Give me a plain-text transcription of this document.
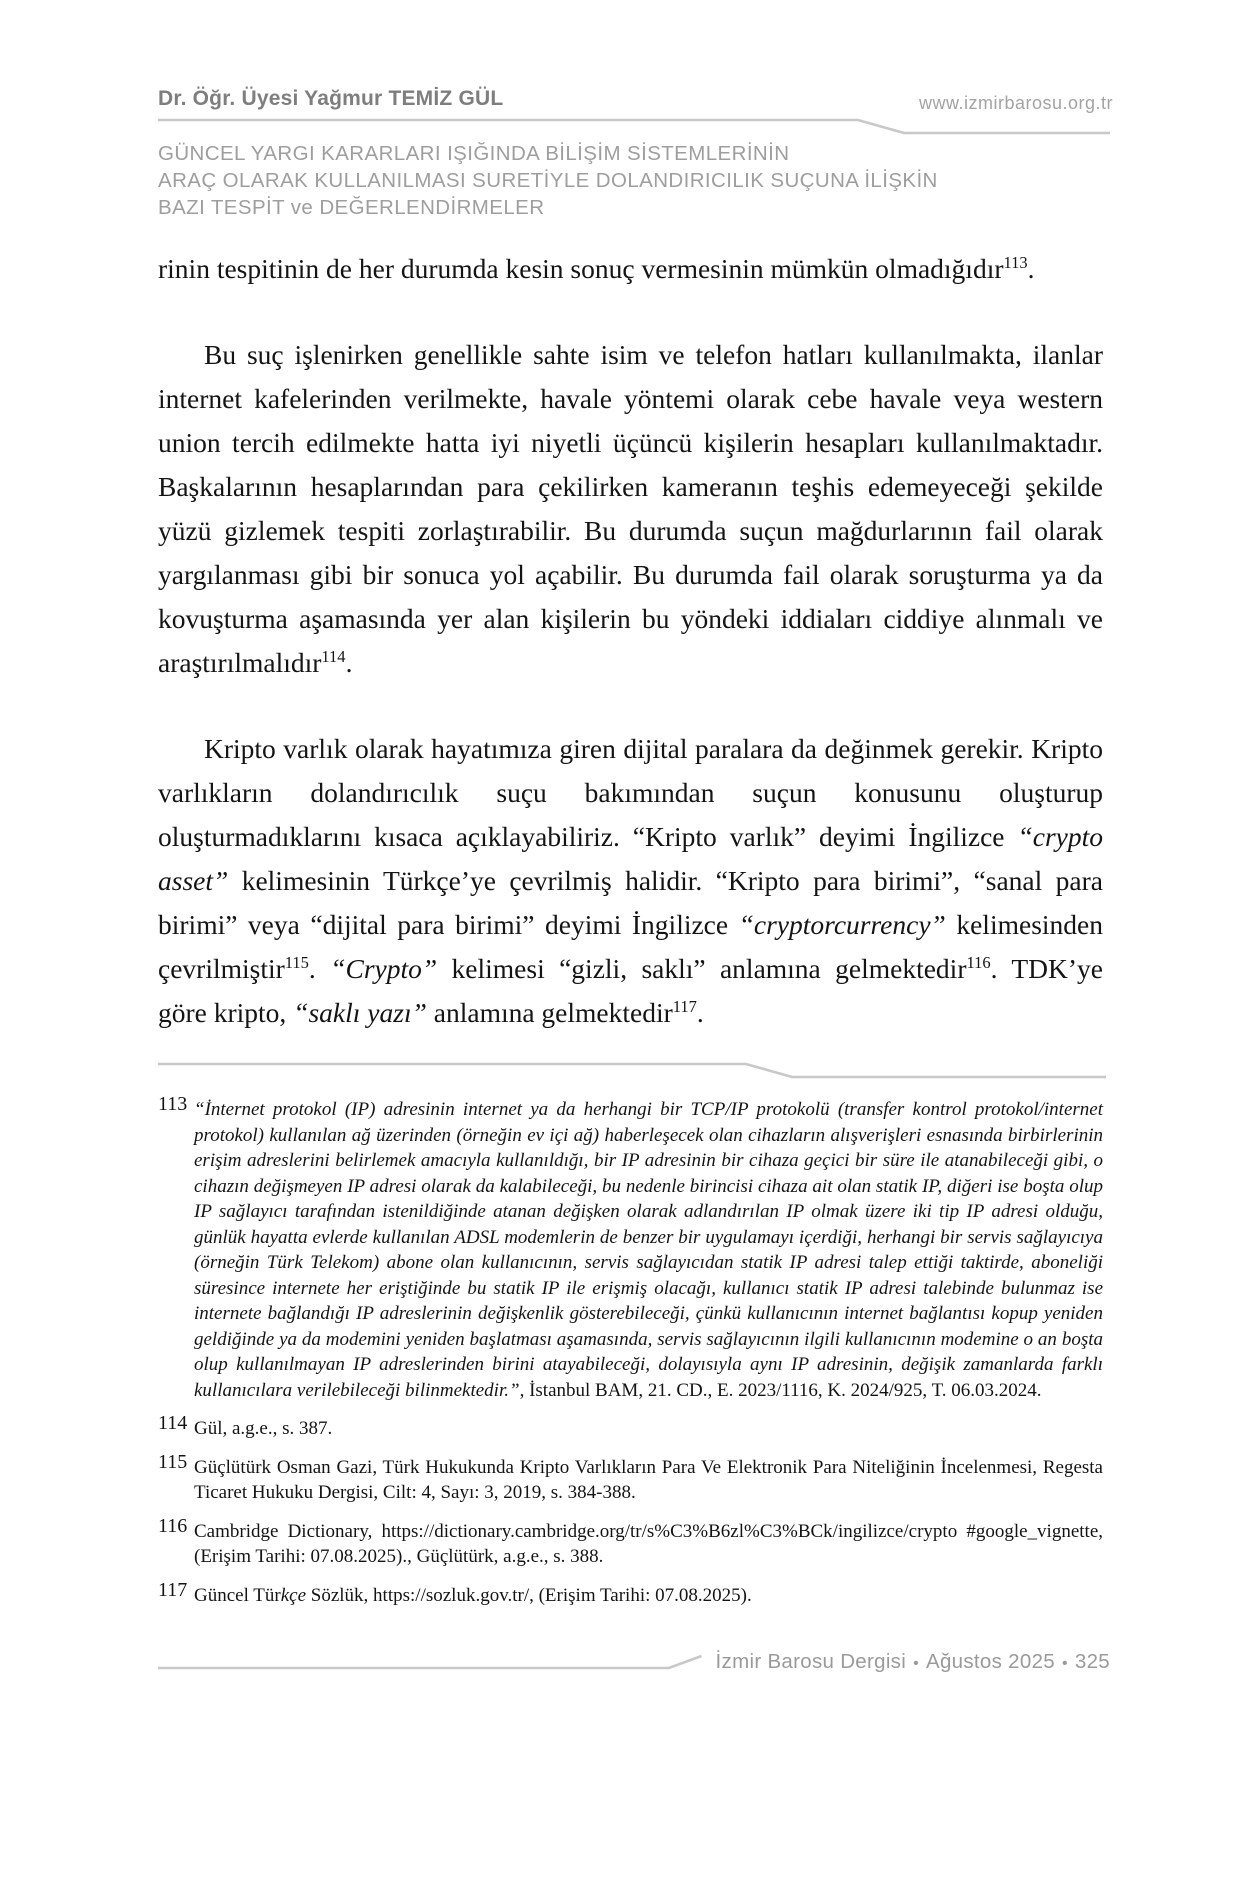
Dr. Öğr. Üyesi Yağmur TEMİZ GÜL	www.izmirbarosu.org.tr
GÜNCEL YARGI KARARLARI IŞIĞINDA BİLİŞİM SİSTEMLERİNİN
ARAÇ OLARAK KULLANILMASI SURETİYLE DOLANDIRICILIK SUÇUNA İLİŞKİN
BAZI TESPİT ve DEĞERLENDİRMELER

rinin tespitinin de her durumda kesin sonuç vermesinin mümkün olmadığıdır$^{113}$.

Bu suç işlenirken genellikle sahte isim ve telefon hatları kullanılmakta, ilanlar internet kafelerinden verilmekte, havale yöntemi olarak cebe havale veya western union tercih edilmekte hatta iyi niyetli üçüncü kişilerin hesapları kullanılmaktadır. Başkalarının hesaplarından para çekilirken kameranın teşhis edemeyeceği şekilde yüzü gizlemek tespiti zorlaştırabilir. Bu durumda suçun mağdurlarının fail olarak yargılanması gibi bir sonuca yol açabilir. Bu durumda fail olarak soruşturma ya da kovuşturma aşamasında yer alan kişilerin bu yöndeki iddiaları ciddiye alınmalı ve araştırılmalıdır$^{114}$.

Kripto varlık olarak hayatımıza giren dijital paralara da değinmek gerekir. Kripto varlıkların dolandırıcılık suçu bakımından suçun konusunu oluşturup oluşturmadıklarını kısaca açıklayabiliriz. “Kripto varlık” deyimi İngilizce “crypto asset” kelimesinin Türkçe’ye çevrilmiş halidir. “Kripto para birimi”, “sanal para birimi” veya “dijital para birimi” deyimi İngilizce “cryptorcurrency” kelimesinden çevrilmiştir$^{115}$. “Crypto” kelimesi “gizli, saklı” anlamına gelmektedir$^{116}$. TDK’ye göre kripto, “saklı yazı” anlamına gelmektedir$^{117}$.

113 “İnternet protokol (IP) adresinin internet ya da herhangi bir TCP/IP protokolü (transfer kontrol protokol/internet protokol) kullanılan ağ üzerinden (örneğin ev içi ağ) haberleşecek olan cihazların alışverişleri esnasında birbirlerinin erişim adreslerini belirlemek amacıyla kullanıldığı, bir IP adresinin bir cihaza geçici bir süre ile atanabileceği gibi, o cihazın değişmeyen IP adresi olarak da kalabileceği, bu nedenle birincisi cihaza ait olan statik IP, diğeri ise boşta olup IP sağlayıcı tarafından istenildiğinde atanan değişken olarak adlandırılan IP olmak üzere iki tip IP adresi olduğu, günlük hayatta evlerde kullanılan ADSL modemlerin de benzer bir uygulamayı içerdiği, herhangi bir servis sağlayıcıya (örneğin Türk Telekom) abone olan kullanıcının, servis sağlayıcıdan statik IP adresi talep ettiği taktirde, aboneliği süresince internete her eriştiğinde bu statik IP ile erişmiş olacağı, kullanıcı statik IP adresi talebinde bulunmaz ise internete bağlandığı IP adreslerinin değişkenlik gösterebileceği, çünkü kullanıcının internet bağlantısı kopup yeniden geldiğinde ya da modemini yeniden başlatması aşamasında, servis sağlayıcının ilgili kullanıcının modemine o an boşta olup kullanılmayan IP adreslerinden birini atayabileceği, dolayısıyla aynı IP adresinin, değişik zamanlarda farklı kullanıcılara verilebileceği bilinmektedir.”, İstanbul BAM, 21. CD., E. 2023/1116, K. 2024/925, T. 06.03.2024.
114 Gül, a.g.e., s. 387.
115 Güçlütürk Osman Gazi, Türk Hukukunda Kripto Varlıkların Para Ve Elektronik Para Niteliğinin İncelenmesi, Regesta Ticaret Hukuku Dergisi, Cilt: 4, Sayı: 3, 2019, s. 384-388.
116 Cambridge Dictionary, https://dictionary.cambridge.org/tr/s%C3%B6zl%C3%BCk/ingilizce/crypto #google_vignette, (Erişim Tarihi: 07.08.2025)., Güçlütürk, a.g.e., s. 388.
117 Güncel Türkçe Sözlük, https://sozluk.gov.tr/, (Erişim Tarihi: 07.08.2025).
İzmir Barosu Dergisi • Ağustos 2025 • 325
